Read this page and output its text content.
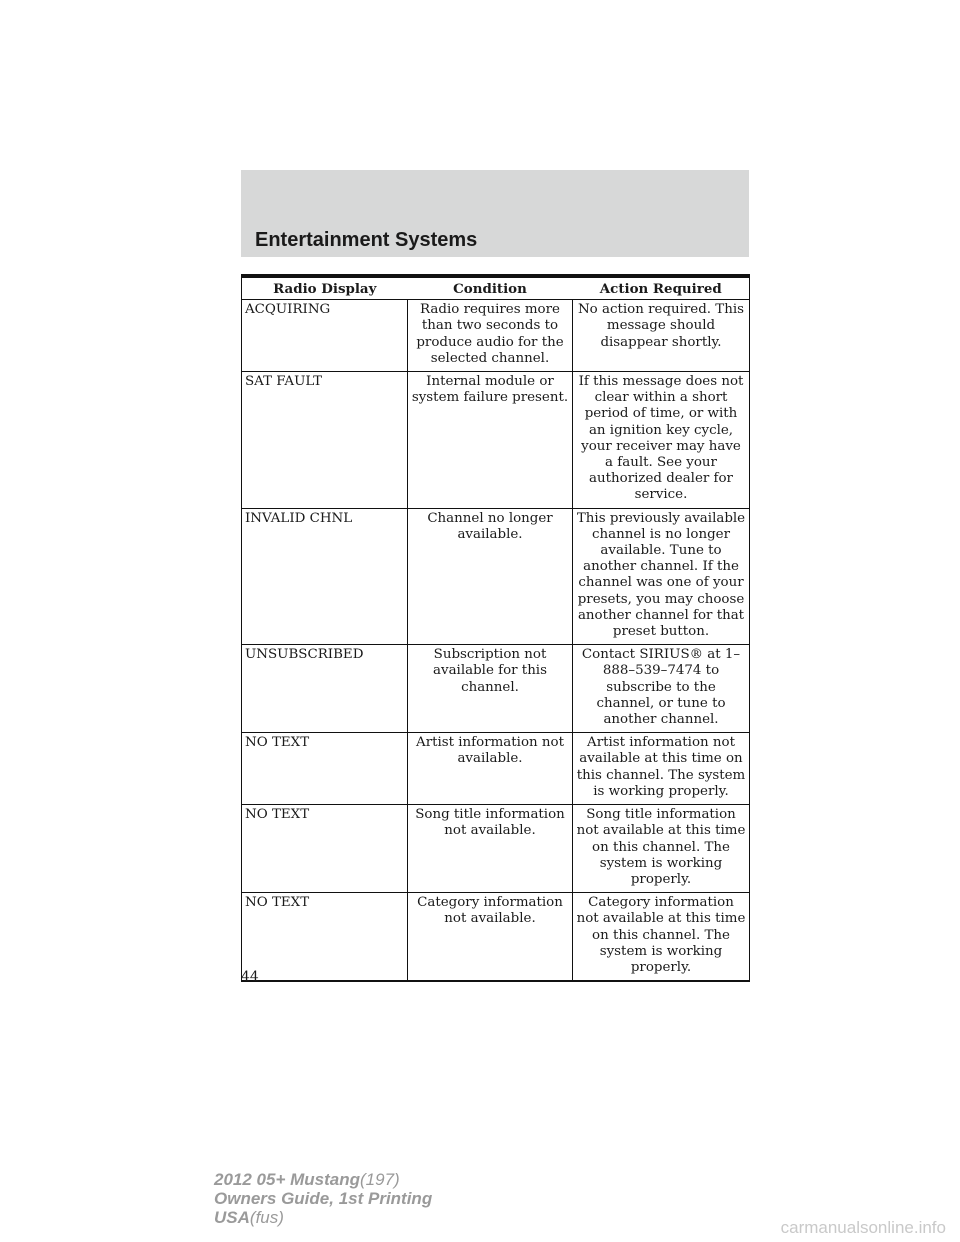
Entertainment Systems
Radio Display	Condition	Action Required
ACQUIRING	Radio requires more than two seconds to produce audio for the selected channel.	No action required. This message should disappear shortly.
SAT FAULT	Internal module or system failure present.	If this message does not clear within a short period of time, or with an ignition key cycle, your receiver may have a fault. See your authorized dealer for service.
INVALID CHNL	Channel no longer available.	This previously available channel is no longer available. Tune to another channel. If the channel was one of your presets, you may choose another channel for that preset button.
UNSUBSCRIBED	Subscription not available for this channel.	Contact SIRIUS® at 1–888–539–7474 to subscribe to the channel, or tune to another channel.
NO TEXT	Artist information not available.	Artist information not available at this time on this channel. The system is working properly.
NO TEXT	Song title information not available.	Song title information not available at this time on this channel. The system is working properly.
NO TEXT	Category information not available.	Category information not available at this time on this channel. The system is working properly.
44
2012 05+ Mustang(197)
Owners Guide, 1st Printing
USA(fus)
carmanualsonline.info
